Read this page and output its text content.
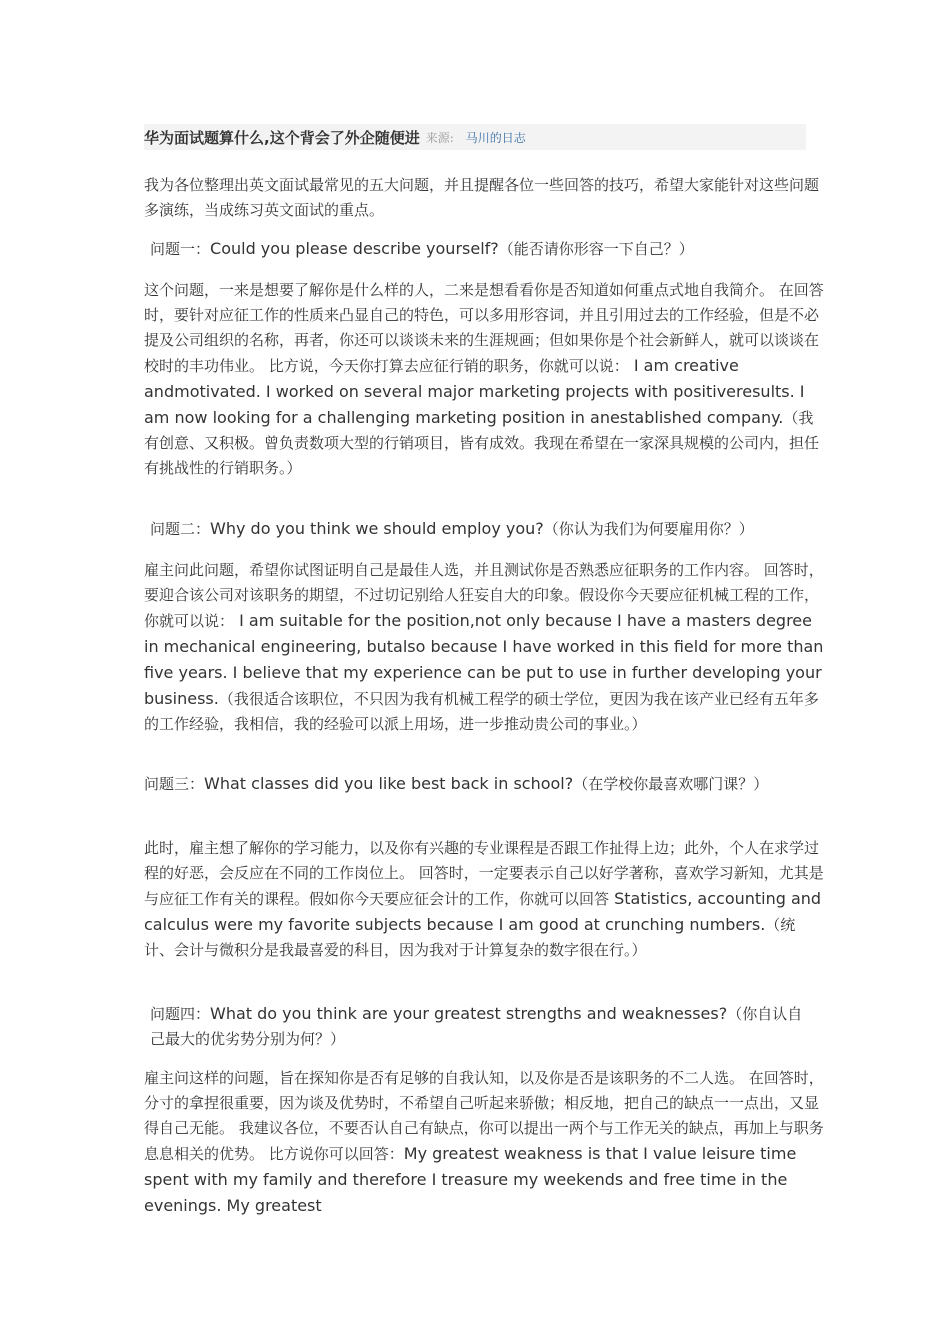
华为面试题算什么,这个背会了外企随便进 来源: 马川的日志

我为各位整理出英文面试最常见的五大问题，并且提醒各位一些回答的技巧，希望大家能针对这些问题多演练，当成练习英文面试的重点。

问题一：Could you please describe yourself?（能否请你形容一下自己？）

这个问题，一来是想要了解你是什么样的人，二来是想看看你是否知道如何重点式地自我简介。 在回答时，要针对应征工作的性质来凸显自己的特色，可以多用形容词，并且引用过去的工作经验，但是不必提及公司组织的名称，再者，你还可以谈谈未来的生涯规画；但如果你是个社会新鲜人，就可以谈谈在校时的丰功伟业。 比方说，今天你打算去应征行销的职务，你就可以说： I am creative andmotivated. I worked on several major marketing projects with positiveresults. I am now looking for a challenging marketing position in anestablished company.（我有创意、又积极。曾负责数项大型的行销项目，皆有成效。我现在希望在一家深具规模的公司内，担任有挑战性的行销职务。）

问题二：Why do you think we should employ you?（你认为我们为何要雇用你？）

雇主问此问题，希望你试图证明自己是最佳人选，并且测试你是否熟悉应征职务的工作内容。 回答时，要迎合该公司对该职务的期望，不过切记别给人狂妄自大的印象。假设你今天要应征机械工程的工作，你就可以说： I am suitable for the position,not only because I have a masters degree in mechanical engineering, butalso because I have worked in this field for more than five years. I believe that my experience can be put to use in further developing your business.（我很适合该职位，不只因为我有机械工程学的硕士学位，更因为我在该产业已经有五年多的工作经验，我相信，我的经验可以派上用场，进一步推动贵公司的事业。）

问题三：What classes did you like best back in school?（在学校你最喜欢哪门课？）

此时，雇主想了解你的学习能力，以及你有兴趣的专业课程是否跟工作扯得上边；此外，个人在求学过程的好恶，会反应在不同的工作岗位上。 回答时，一定要表示自己以好学著称，喜欢学习新知，尤其是与应征工作有关的课程。假如你今天要应征会计的工作，你就可以回答 Statistics, accounting and calculus were my favorite subjects because I am good at crunching numbers.（统计、会计与微积分是我最喜爱的科目，因为我对于计算复杂的数字很在行。）

问题四：What do you think are your greatest strengths and weaknesses?（你自认自己最大的优劣势分别为何？）

雇主问这样的问题，旨在探知你是否有足够的自我认知，以及你是否是该职务的不二人选。 在回答时，分寸的拿捏很重要，因为谈及优势时，不希望自己听起来骄傲；相反地，把自己的缺点一一点出，又显得自己无能。 我建议各位，不要否认自己有缺点，你可以提出一两个与工作无关的缺点，再加上与职务息息相关的优势。 比方说你可以回答：My greatest weakness is that I value leisure time spent with my family and therefore I treasure my weekends and free time in the evenings. My greatest
